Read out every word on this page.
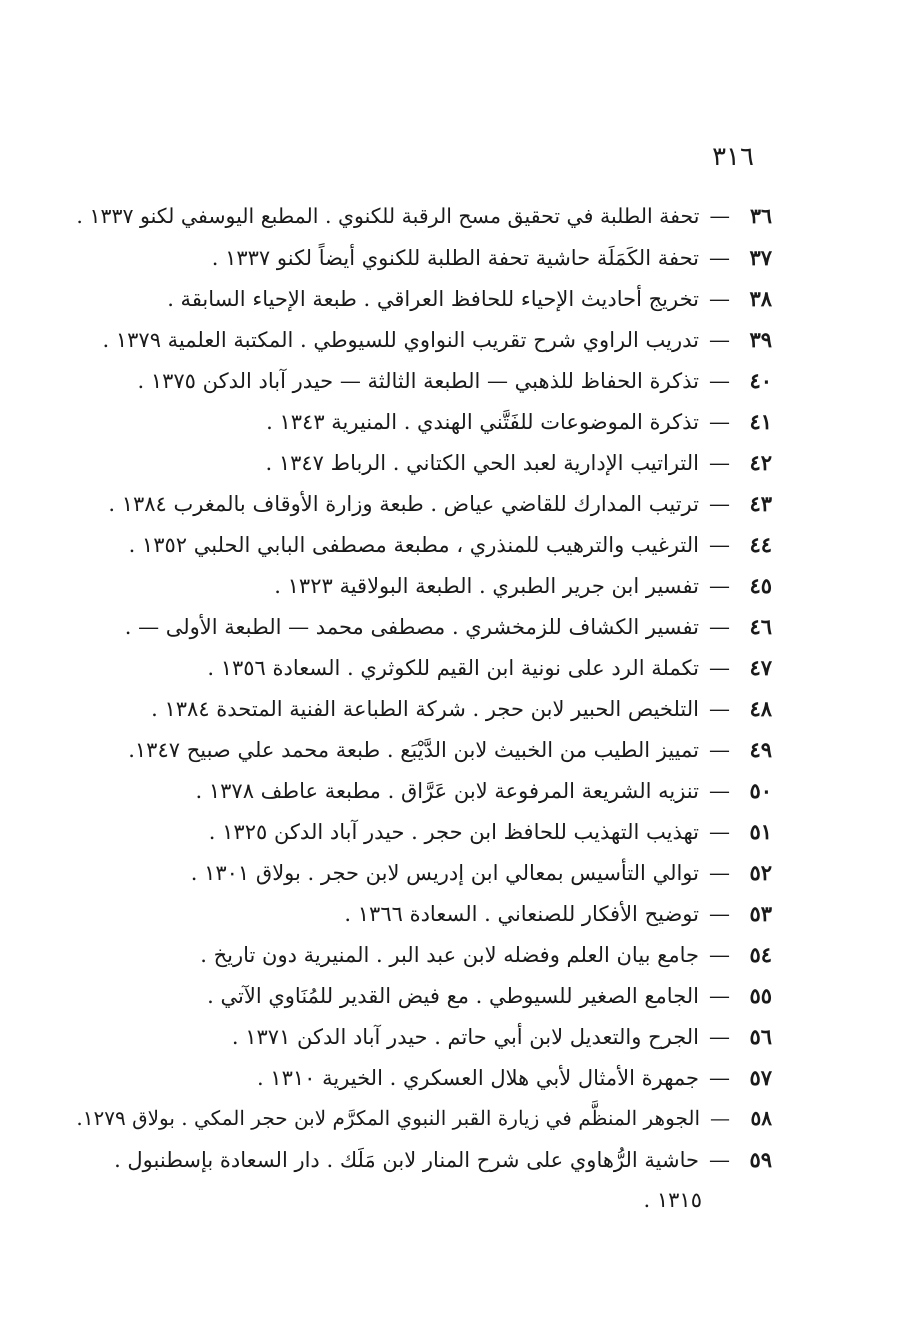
٣١٦
٣٦—تحفة الطلبة في تحقيق مسح الرقبة للكنوي . المطبع اليوسفي لكنو ١٣٣٧ .
٣٧—تحفة الكَمَلَة حاشية تحفة الطلبة للكنوي أيضاً لكنو ١٣٣٧ .
٣٨—تخريج أحاديث الإحياء للحافظ العراقي . طبعة الإحياء السابقة .
٣٩—تدريب الراوي شرح تقريب النواوي للسيوطي . المكتبة العلمية ١٣٧٩ .
٤٠—تذكرة الحفاظ للذهبي — الطبعة الثالثة — حيدر آباد الدكن ١٣٧٥ .
٤١—تذكرة الموضوعات للفَتَّني الهندي . المنيرية ١٣٤٣ .
٤٢—التراتيب الإدارية لعبد الحي الكتاني . الرباط ١٣٤٧ .
٤٣—ترتيب المدارك للقاضي عياض . طبعة وزارة الأوقاف بالمغرب ١٣٨٤ .
٤٤—الترغيب والترهيب للمنذري ، مطبعة مصطفى البابي الحلبي ١٣٥٢ .
٤٥—تفسير ابن جرير الطبري . الطبعة البولاقية ١٣٢٣ .
٤٦—تفسير الكشاف للزمخشري . مصطفى محمد — الطبعة الأولى — .
٤٧—تكملة الرد على نونية ابن القيم للكوثري . السعادة ١٣٥٦ .
٤٨—التلخيص الحبير لابن حجر . شركة الطباعة الفنية المتحدة ١٣٨٤ .
٤٩—تمييز الطيب من الخبيث لابن الدَّيْبَع . طبعة محمد علي صبيح ١٣٤٧.
٥٠—تنزيه الشريعة المرفوعة لابن عَرَّاق . مطبعة عاطف ١٣٧٨ .
٥١—تهذيب التهذيب للحافظ ابن حجر . حيدر آباد الدكن ١٣٢٥ .
٥٢—توالي التأسيس بمعالي ابن إدريس لابن حجر . بولاق ١٣٠١ .
٥٣—توضيح الأفكار للصنعاني . السعادة ١٣٦٦ .
٥٤—جامع بيان العلم وفضله لابن عبد البر . المنيرية دون تاريخ .
٥٥—الجامع الصغير للسيوطي . مع فيض القدير للمُنَاوي الآتي .
٥٦—الجرح والتعديل لابن أبي حاتم . حيدر آباد الدكن ١٣٧١ .
٥٧—جمهرة الأمثال لأبي هلال العسكري . الخيرية ١٣١٠ .
٥٨—الجوهر المنظَّم في زيارة القبر النبوي المكرَّم لابن حجر المكي . بولاق ١٢٧٩.
٥٩—حاشية الرُّهاوي على شرح المنار لابن مَلَك . دار السعادة بإسطنبول .
١٣١٥ .
